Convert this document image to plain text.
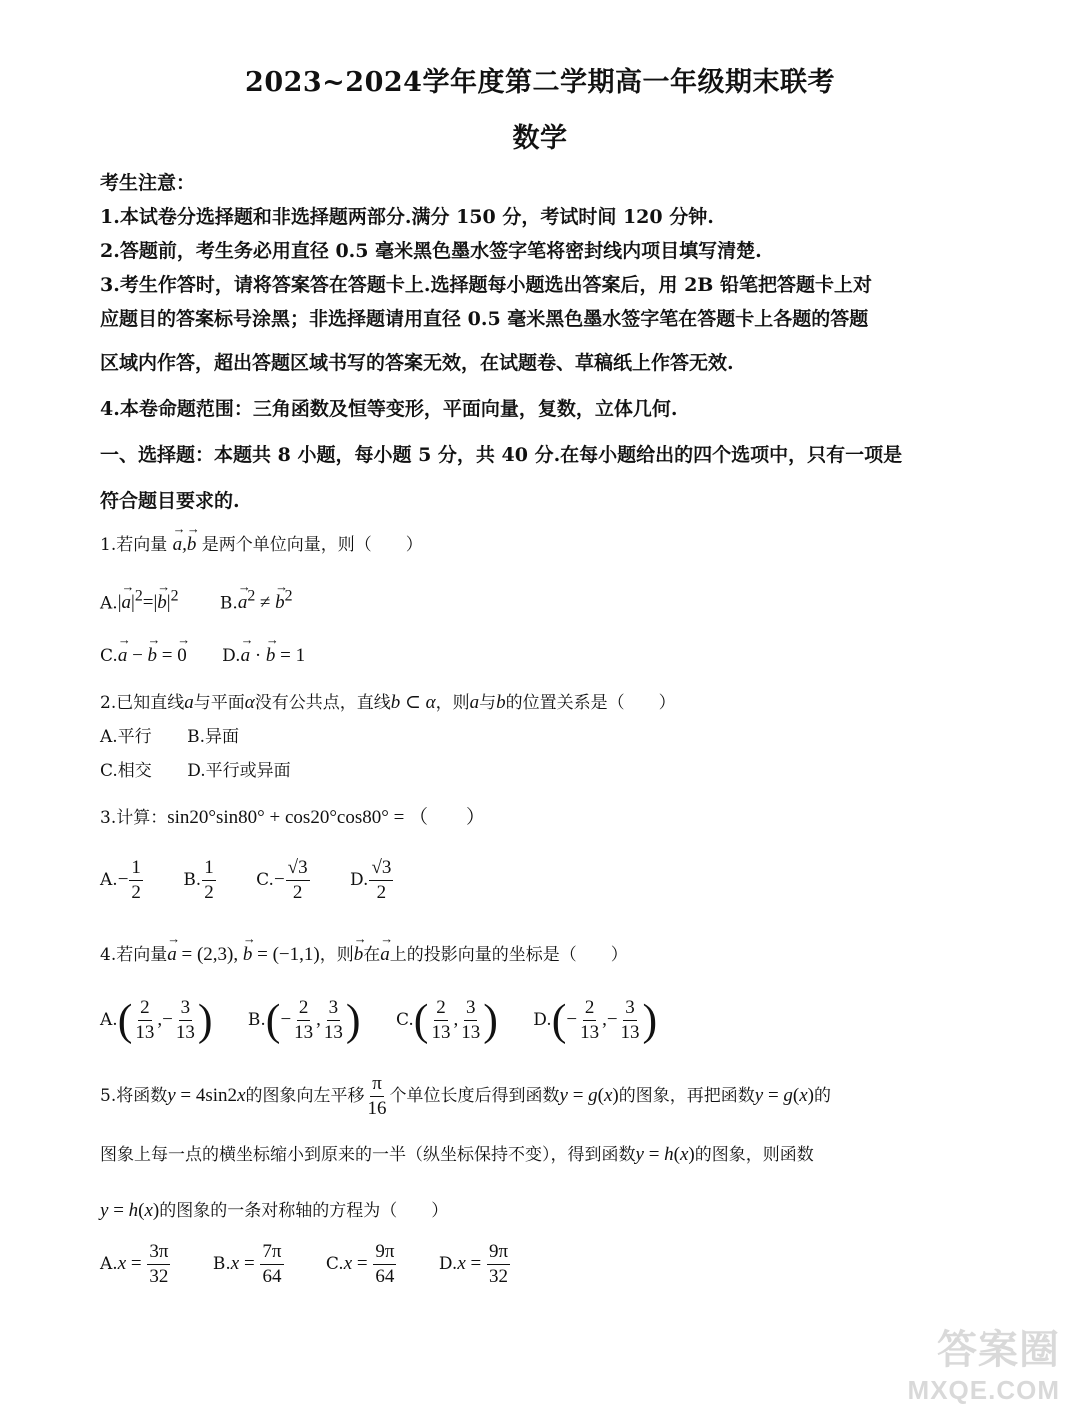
2023~2024学年度第二学期高一年级期末联考
数学
考生注意：
1.本试卷分选择题和非选择题两部分.满分 150 分，考试时间 120 分钟.
2.答题前，考生务必用直径 0.5 毫米黑色墨水签字笔将密封线内项目填写清楚.
3.考生作答时，请将答案答在答题卡上.选择题每小题选出答案后，用 2B 铅笔把答题卡上对
应题目的答案标号涂黑；非选择题请用直径 0.5 毫米黑色墨水签字笔在答题卡上各题的答题
区域内作答，超出答题区域书写的答案无效，在试题卷、草稿纸上作答无效.
4.本卷命题范围：三角函数及恒等变形，平面向量，复数，立体几何.
一、选择题：本题共 8 小题，每小题 5 分，共 40 分.在每小题给出的四个选项中，只有一项是
符合题目要求的.
1.若向量 → a,→ b 是两个单位向量，则（　　）
$A.|\to a|^2=|\to b|^2$ $B.\to a^2$ ≠ → $b^2$
C.→ a − → b = → 0 D.→ a · → b = 1
2.已知直线a与平面α没有公共点，直线b ⊂ α，则a与b的位置关系是（　　）
A.平行 B.异面
C.相交 D.平行或异面
3.计算：sin20°sin80° + cos20°cos80° = （　　）
$A.- \frac{1}{2} B$. $\frac{1}{2} C.- \frac{√3}{2} D$. $\frac{√3}{2}$
4.若向量→ a = (2,3), → b = (−1,1)，则→ b在→ a上的投影向量的坐标是（　　）
$A.( \frac{2}{13}$ ,− $\frac{3}{13}$ ) $B.(- \frac{2}{13}$ , $\frac{3}{13}$ ) $C.( \frac{2}{13}$ , $\frac{3}{13}$ ) $D.(- \frac{2}{13}$ ,− $\frac{3}{13}$ )
5.将函数y = 4sin2x的图象向左平移 $\frac{\pi}{16}$ 个单位长度后得到函数y = g(x)的图象，再把函数y = g(x)的
图象上每一点的横坐标缩小到原来的一半（纵坐标保持不变），得到函数y = h(x)的图象，则函数
y = h(x)的图象的一条对称轴的方程为（　　）
$A.x = \frac{3\pi}{32} B.x = \frac{7\pi}{64} C.x = \frac{9\pi}{64} D.x = \frac{9\pi}{32}$
答案圈
MXQE.COM
